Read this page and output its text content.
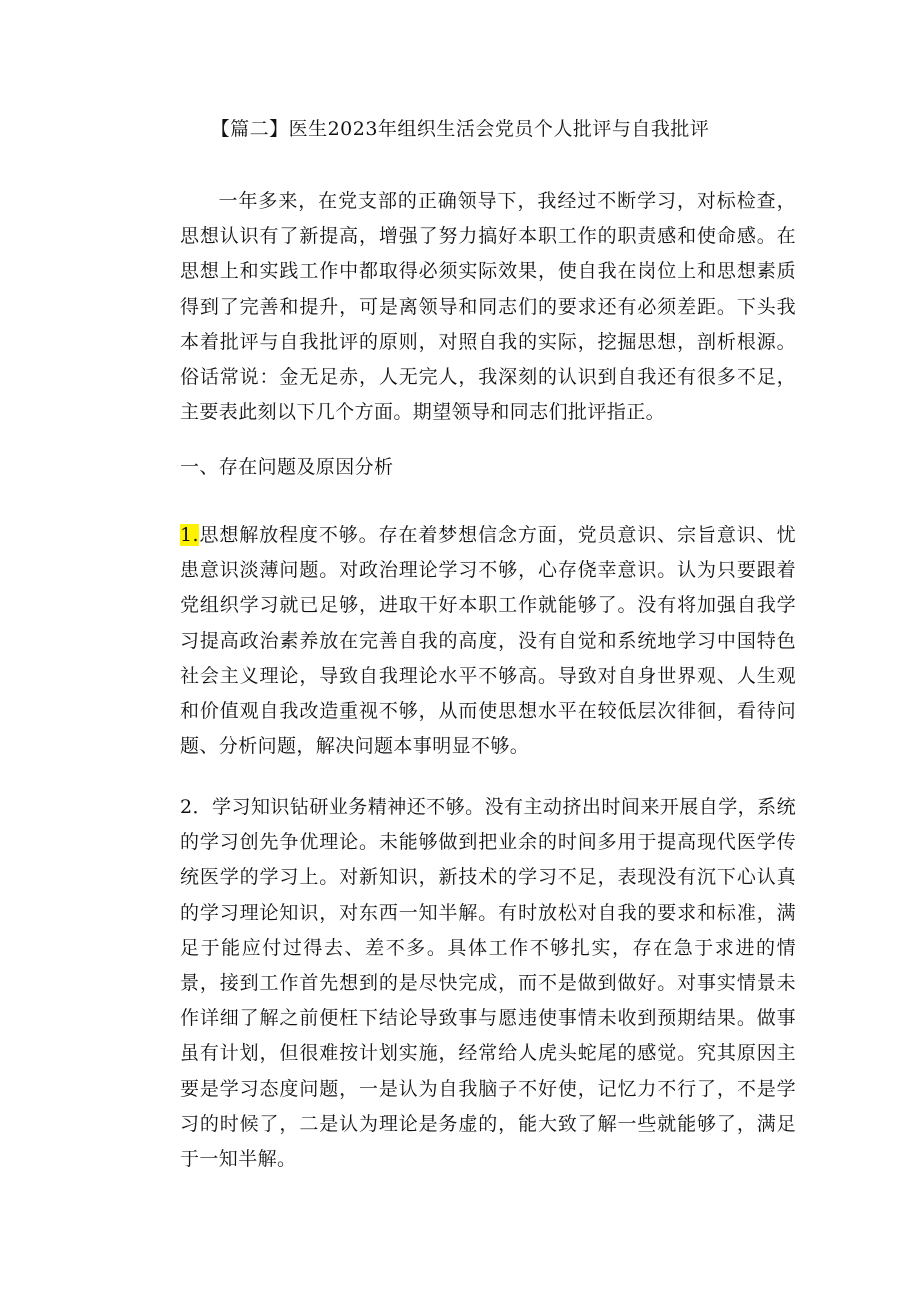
【篇二】医生2023年组织生活会党员个人批评与自我批评

一年多来，在党支部的正确领导下，我经过不断学习，对标检查，思想认识有了新提高，增强了努力搞好本职工作的职责感和使命感。在思想上和实践工作中都取得必须实际效果，使自我在岗位上和思想素质得到了完善和提升，可是离领导和同志们的要求还有必须差距。下头我本着批评与自我批评的原则，对照自我的实际，挖掘思想，剖析根源。俗话常说：金无足赤，人无完人，我深刻的认识到自我还有很多不足，主要表此刻以下几个方面。期望领导和同志们批评指正。

一、存在问题及原因分析

1.思想解放程度不够。存在着梦想信念方面，党员意识、宗旨意识、忧患意识淡薄问题。对政治理论学习不够，心存侥幸意识。认为只要跟着党组织学习就已足够，进取干好本职工作就能够了。没有将加强自我学习提高政治素养放在完善自我的高度，没有自觉和系统地学习中国特色社会主义理论，导致自我理论水平不够高。导致对自身世界观、人生观和价值观自我改造重视不够，从而使思想水平在较低层次徘徊，看待问题、分析问题，解决问题本事明显不够。

2．学习知识钻研业务精神还不够。没有主动挤出时间来开展自学，系统的学习创先争优理论。未能够做到把业余的时间多用于提高现代医学传统医学的学习上。对新知识，新技术的学习不足，表现没有沉下心认真的学习理论知识，对东西一知半解。有时放松对自我的要求和标准，满足于能应付过得去、差不多。具体工作不够扎实，存在急于求进的情景，接到工作首先想到的是尽快完成，而不是做到做好。对事实情景未作详细了解之前便枉下结论导致事与愿违使事情未收到预期结果。做事虽有计划，但很难按计划实施，经常给人虎头蛇尾的感觉。究其原因主要是学习态度问题，一是认为自我脑子不好使，记忆力不行了，不是学习的时候了，二是认为理论是务虚的，能大致了解一些就能够了，满足于一知半解。
